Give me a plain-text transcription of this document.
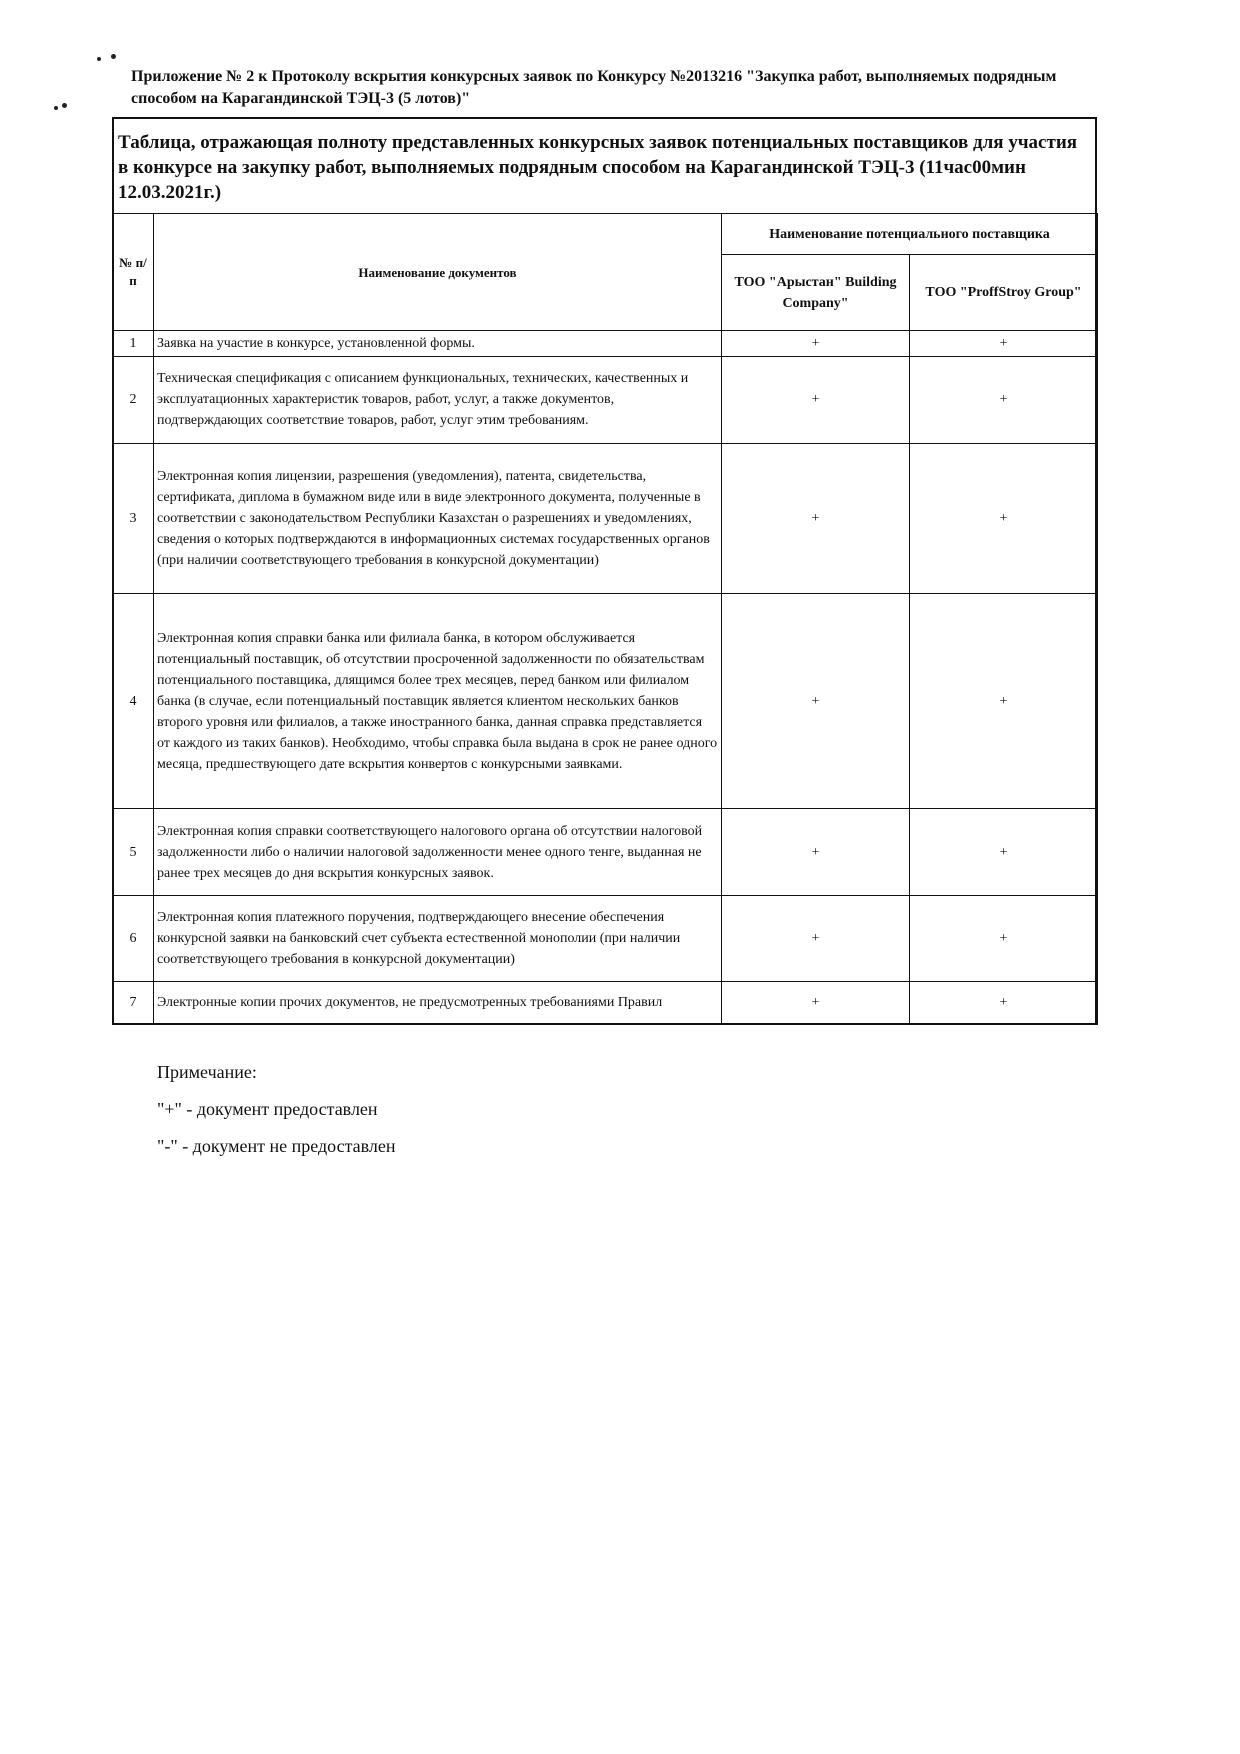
Приложение № 2 к Протоколу вскрытия конкурсных заявок по Конкурсу №2013216 "Закупка работ, выполняемых подрядным способом на Карагандинской ТЭЦ-3 (5 лотов)"
Таблица, отражающая полноту представленных конкурсных заявок потенциальных поставщиков для участия в конкурсе на закупку работ, выполняемых подрядным способом на Карагандинской ТЭЦ-3 (11час00мин 12.03.2021г.)
№ п/п	Наименование документов	Наименование потенциального поставщика	
		ТОО "Арыстан" Building Company"	ТОО "ProffStroy Group"
1	Заявка на участие в конкурсе, установленной формы.	+	+
2	Техническая спецификация с описанием функциональных, технических, качественных и эксплуатационных характеристик товаров, работ, услуг, а также документов, подтверждающих соответствие товаров, работ, услуг этим требованиям.	+	+
3	Электронная копия лицензии, разрешения (уведомления), патента, свидетельства, сертификата, диплома в бумажном виде или в виде электронного документа, полученные в соответствии с законодательством Республики Казахстан о разрешениях и уведомлениях, сведения о которых подтверждаются в информационных системах государственных органов (при наличии соответствующего требования в конкурсной документации)	+	+
4	Электронная копия справки банка или филиала банка, в котором обслуживается потенциальный поставщик, об отсутствии просроченной задолженности по обязательствам потенциального поставщика, длящимся более трех месяцев, перед банком или филиалом банка (в случае, если потенциальный поставщик является клиентом нескольких банков второго уровня или филиалов, а также иностранного банка, данная справка представляется от каждого из таких банков). Необходимо, чтобы справка была выдана в срок не ранее одного месяца, предшествующего дате вскрытия конвертов с конкурсными заявками.	+	+
5	Электронная копия справки соответствующего налогового органа об отсутствии налоговой задолженности либо о наличии налоговой задолженности менее одного тенге, выданная не ранее трех месяцев до дня вскрытия конкурсных заявок.	+	+
6	Электронная копия платежного поручения, подтверждающего внесение обеспечения конкурсной заявки на банковский счет субъекта естественной монополии (при наличии соответствующего требования в конкурсной документации)	+	+
7	Электронные копии прочих документов, не предусмотренных требованиями Правил	+	+
Примечание:
"+" - документ предоставлен
"-" - документ не предоставлен
